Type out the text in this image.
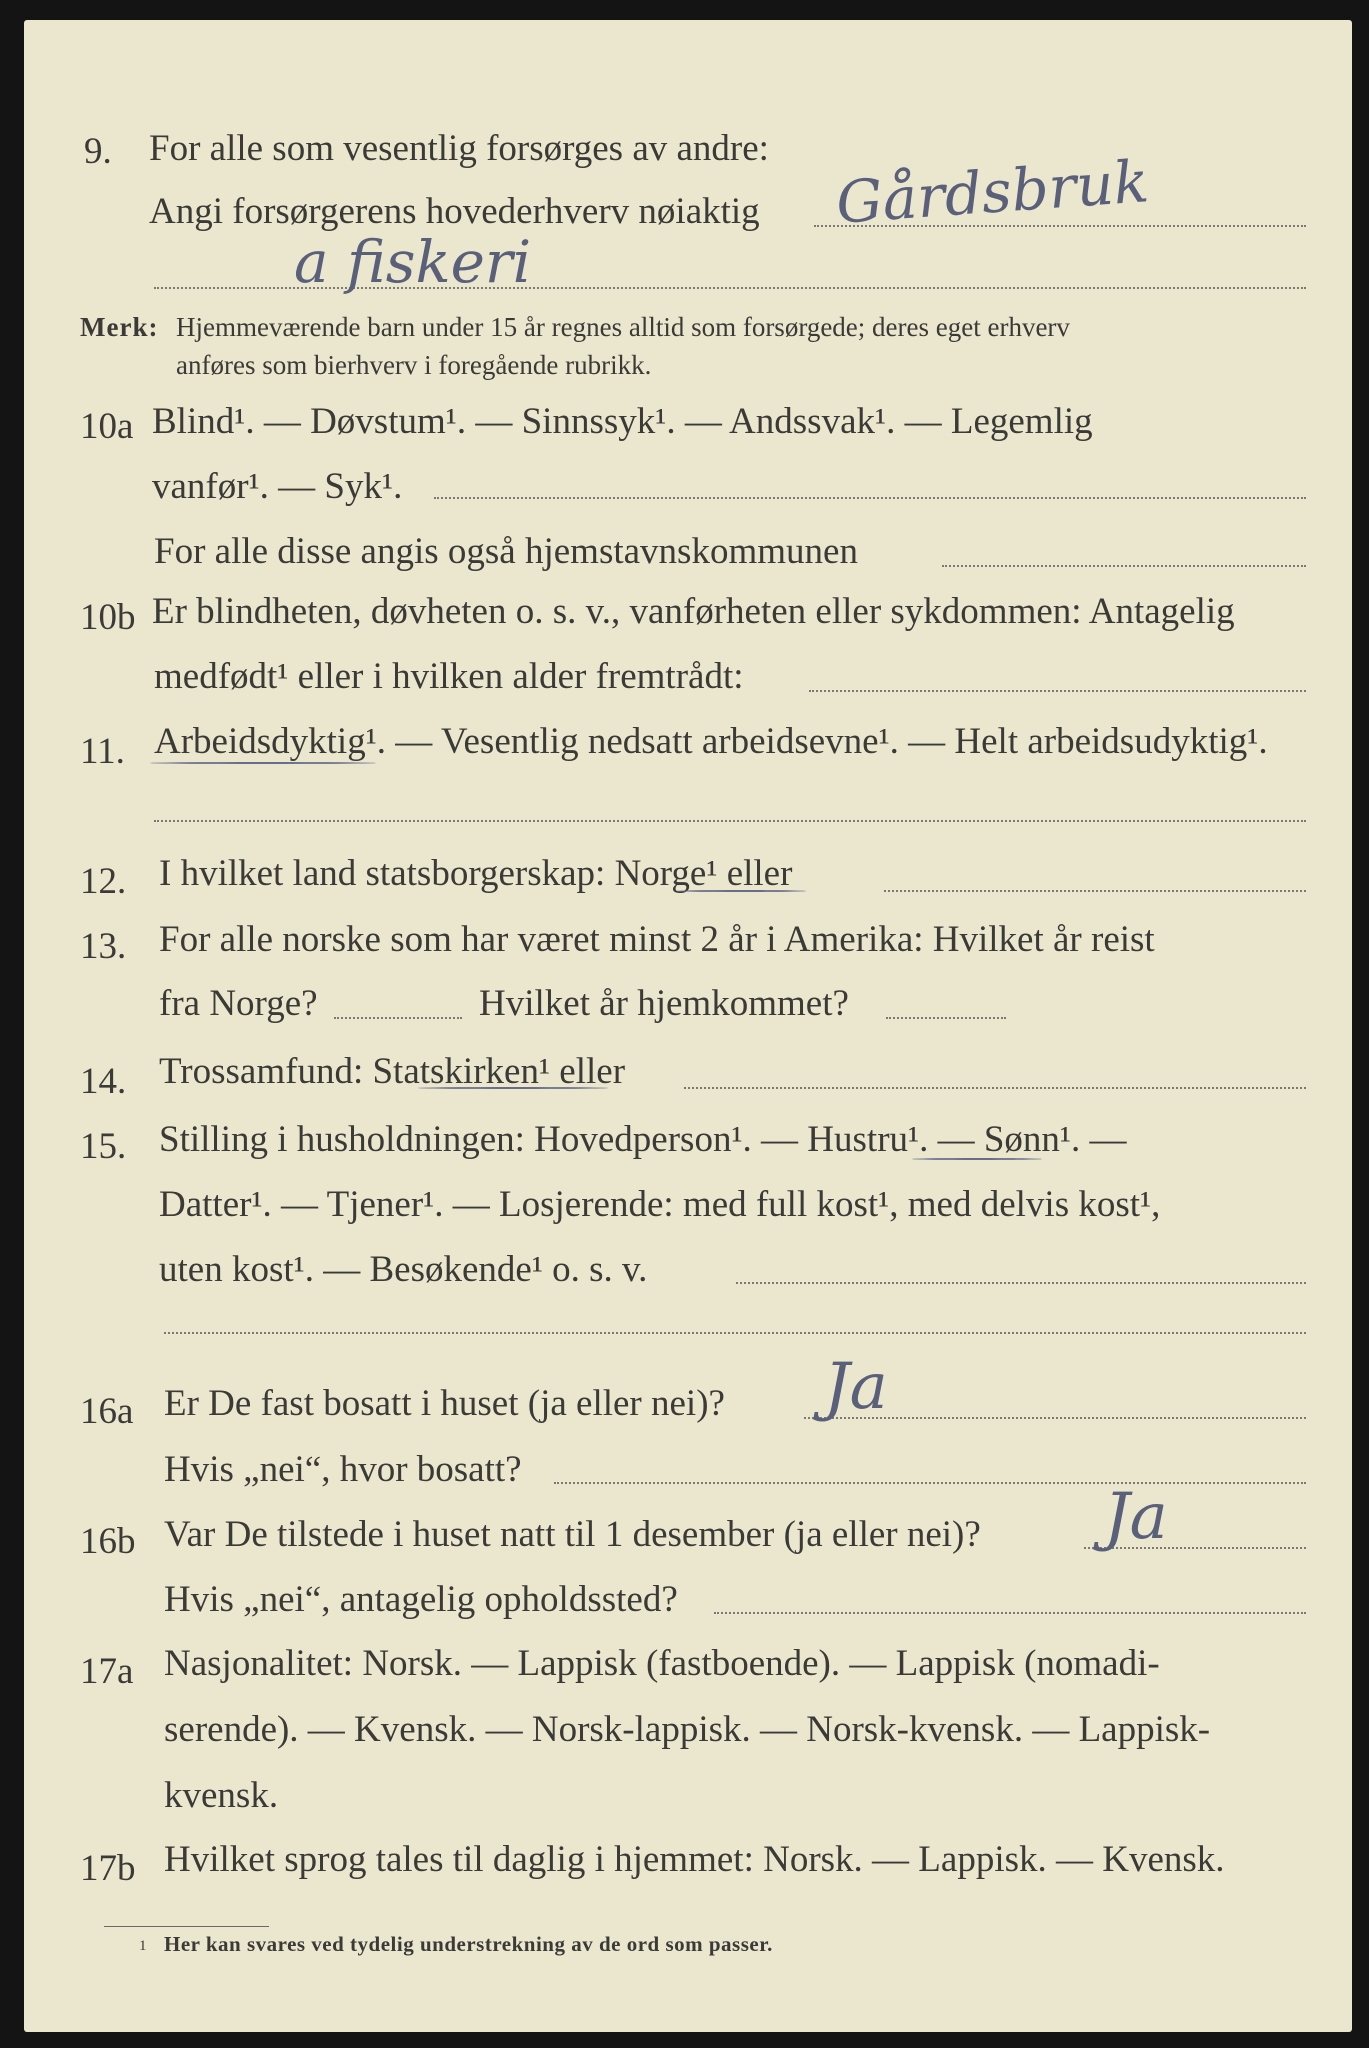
9. For alle som vesentlig forsørges av andre:
Angi forsørgerens hovederhverv nøiaktig Gårdsbruk
a fiskeri
Merk: Hjemmeværende barn under 15 år regnes alltid som forsørgede; deres eget erhverv
anføres som bierhverv i foregående rubrikk.
10a Blind¹. — Døvstum¹. — Sinnssyk¹. — Andssvak¹. — Legemlig
vanfør¹. — Syk¹.
For alle disse angis også hjemstavnskommunen
10b Er blindheten, døvheten o. s. v., vanførheten eller sykdommen: Antagelig
medfødt¹ eller i hvilken alder fremtrådt:
11. Arbeidsdyktig¹. — Vesentlig nedsatt arbeidsevne¹. — Helt arbeidsudyktig¹.
12. I hvilket land statsborgerskap: Norge¹ eller
13. For alle norske som har været minst 2 år i Amerika: Hvilket år reist
fra Norge?	Hvilket år hjemkommet?
14. Trossamfund: Statskirken¹ eller
15. Stilling i husholdningen: Hovedperson¹. — Hustru¹. — Sønn¹. —
Datter¹. — Tjener¹. — Losjerende: med full kost¹, med delvis kost¹,
uten kost¹. — Besøkende¹ o. s. v.
16a Er De fast bosatt i huset (ja eller nei)? Ja
Hvis „nei“, hvor bosatt?
16b Var De tilstede i huset natt til 1 desember (ja eller nei)? Ja
Hvis „nei“, antagelig opholdssted?
17a Nasjonalitet: Norsk. — Lappisk (fastboende). — Lappisk (nomadi-
serende). — Kvensk. — Norsk-lappisk. — Norsk-kvensk. — Lappisk-
kvensk.
17b Hvilket sprog tales til daglig i hjemmet: Norsk. — Lappisk. — Kvensk.
1 Her kan svares ved tydelig understrekning av de ord som passer.
